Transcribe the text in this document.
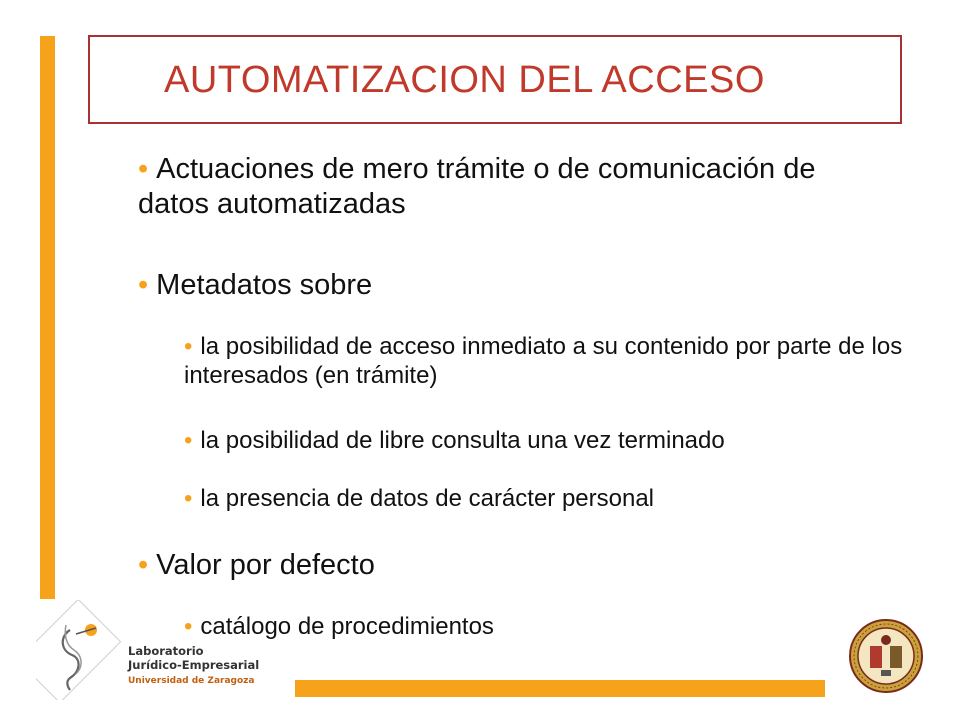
AUTOMATIZACION DEL ACCESO

• Actuaciones de mero trámite o de comunicación de datos automatizadas

• Metadatos sobre

• la posibilidad de acceso inmediato a su contenido por parte de los interesados (en trámite)

• la posibilidad de libre consulta una vez terminado

• la presencia de datos de carácter personal

• Valor por defecto

• catálogo de procedimientos

Laboratorio
Jurídico-Empresarial
Universidad de Zaragoza
